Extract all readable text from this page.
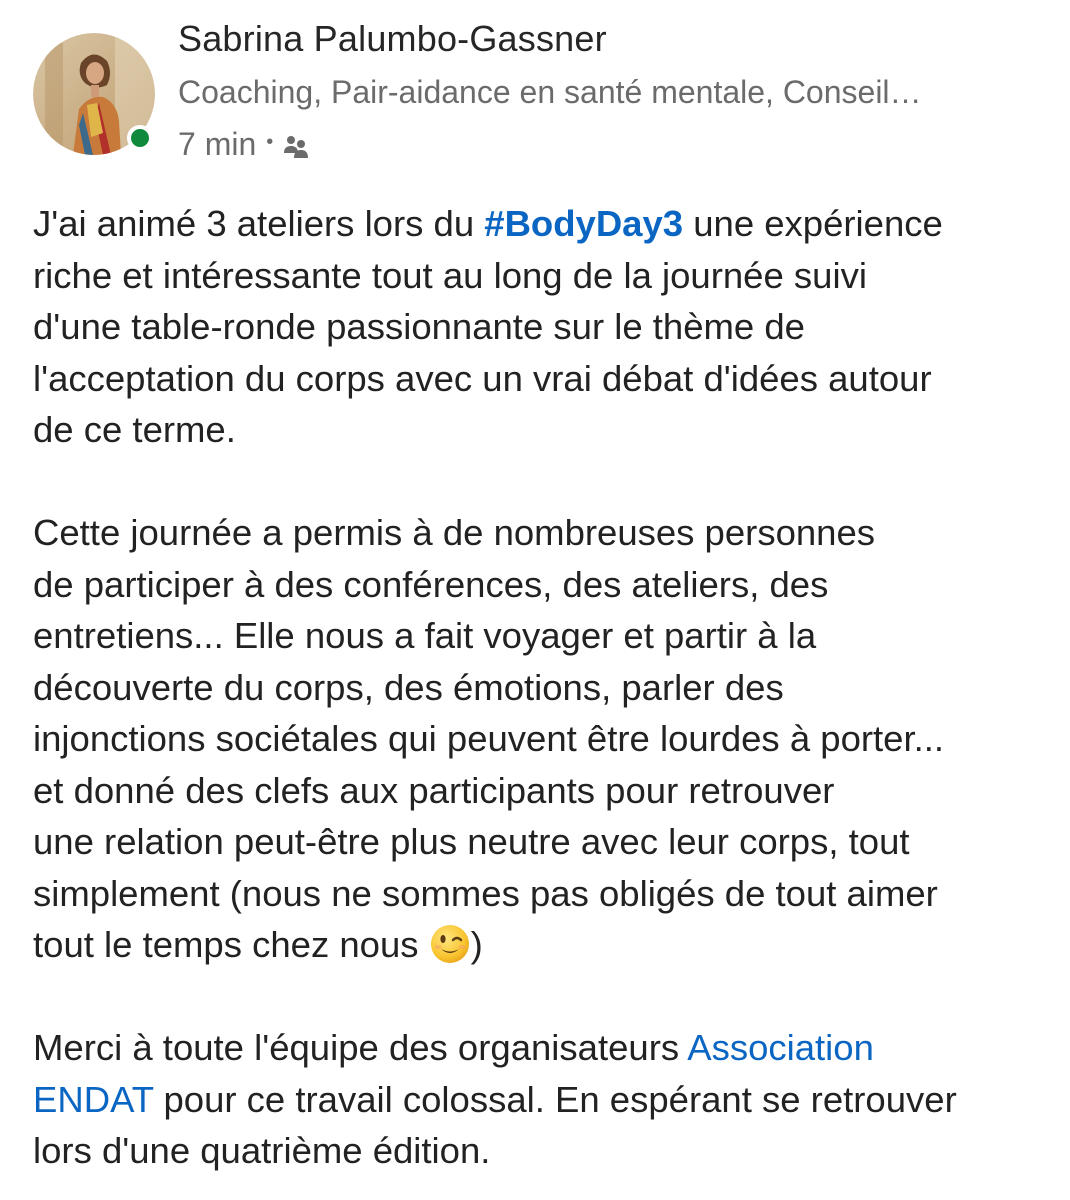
Sabrina Palumbo-Gassner
Coaching, Pair-aidance en santé mentale, Conseil…
7 min •

J'ai animé 3 ateliers lors du #BodyDay3 une expérience
riche et intéressante tout au long de la journée suivi
d'une table-ronde passionnante sur le thème de
l'acceptation du corps avec un vrai débat d'idées autour
de ce terme.

Cette journée a permis à de nombreuses personnes
de participer à des conférences, des ateliers, des
entretiens... Elle nous a fait voyager et partir à la
découverte du corps, des émotions, parler des
injonctions sociétales qui peuvent être lourdes à porter...
et donné des clefs aux participants pour retrouver
une relation peut-être plus neutre avec leur corps, tout
simplement (nous ne sommes pas obligés de tout aimer
tout le temps chez nous )

Merci à toute l'équipe des organisateurs Association
ENDAT pour ce travail colossal. En espérant se retrouver
lors d'une quatrième édition.
